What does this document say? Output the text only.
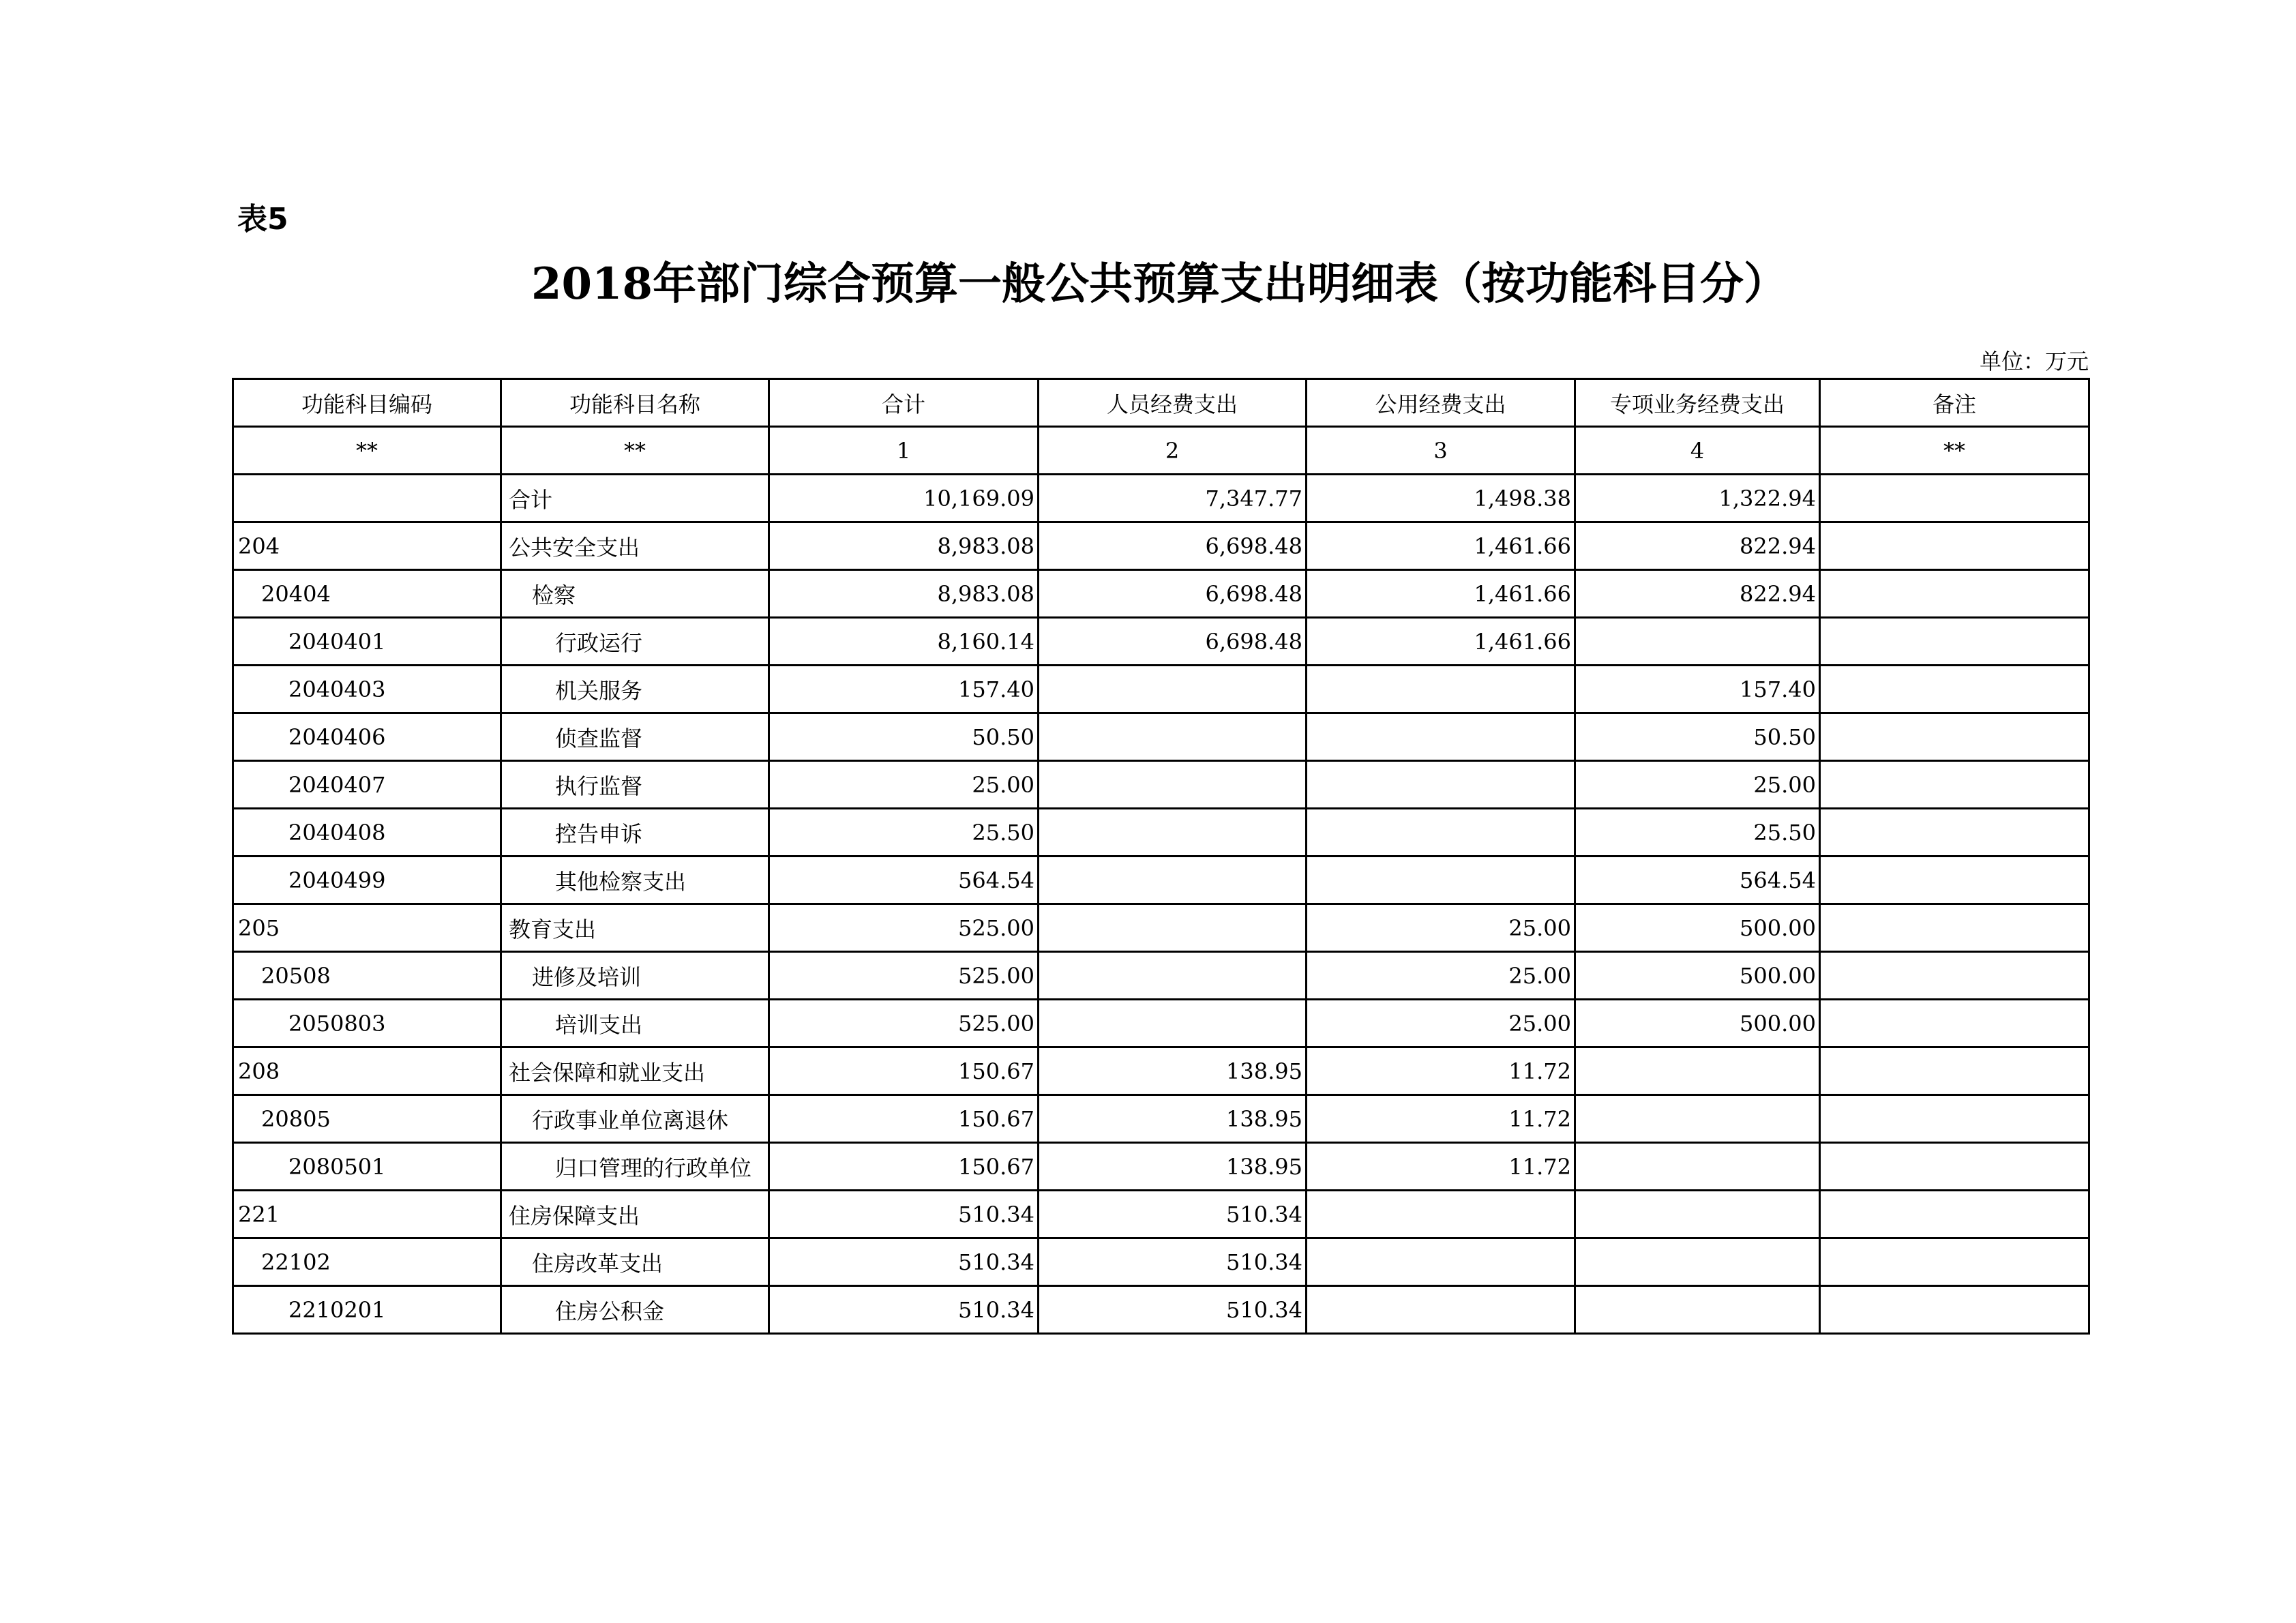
表5
2018年部门综合预算一般公共预算支出明细表（按功能科目分）
单位：万元
功能科目编码	功能科目名称	合计	人员经费支出	公用经费支出	专项业务经费支出	备注
**	**	1	2	3	4	**
	合计	10,169.09	7,347.77	1,498.38	1,322.94	
204	公共安全支出	8,983.08	6,698.48	1,461.66	822.94	
20404	检察	8,983.08	6,698.48	1,461.66	822.94	
2040401	行政运行	8,160.14	6,698.48	1,461.66		
2040403	机关服务	157.40			157.40	
2040406	侦查监督	50.50			50.50	
2040407	执行监督	25.00			25.00	
2040408	控告申诉	25.50			25.50	
2040499	其他检察支出	564.54			564.54	
205	教育支出	525.00		25.00	500.00	
20508	进修及培训	525.00		25.00	500.00	
2050803	培训支出	525.00		25.00	500.00	
208	社会保障和就业支出	150.67	138.95	11.72		
20805	行政事业单位离退休	150.67	138.95	11.72		
2080501	归口管理的行政单位	150.67	138.95	11.72		
221	住房保障支出	510.34	510.34			
22102	住房改革支出	510.34	510.34			
2210201	住房公积金	510.34	510.34			
